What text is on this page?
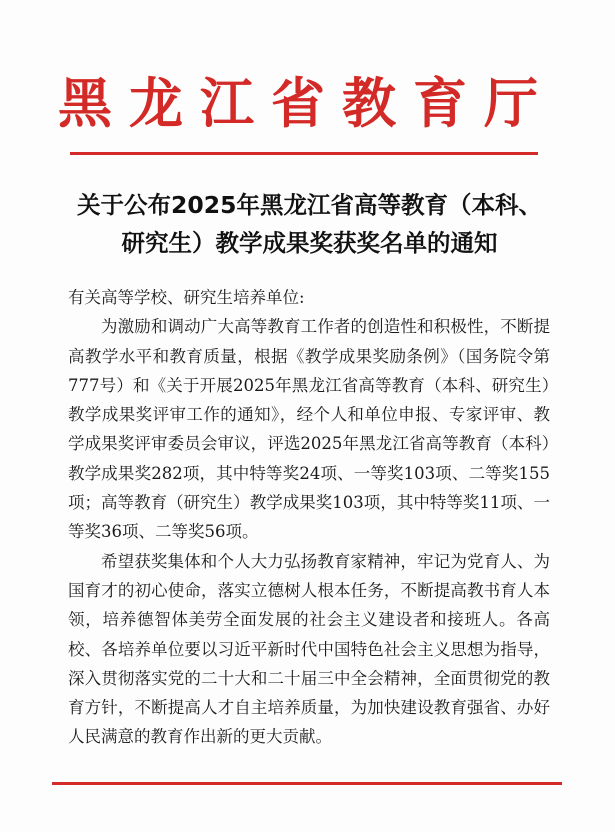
黑龙江省教育厅
关于公布2025年黑龙江省高等教育（本科、
研究生）教学成果奖获奖名单的通知

有关高等学校、研究生培养单位:

为激励和调动广大高等教育工作者的创造性和积极性，不断提高教学水平和教育质量，根据《教学成果奖励条例》（国务院令第777号）和《关于开展2025年黑龙江省高等教育（本科、研究生）教学成果奖评审工作的通知》，经个人和单位申报、专家评审、教学成果奖评审委员会审议，评选2025年黑龙江省高等教育（本科）教学成果奖282项，其中特等奖24项、一等奖103项、二等奖155项；高等教育（研究生）教学成果奖103项，其中特等奖11项、一等奖36项、二等奖56项。

希望获奖集体和个人大力弘扬教育家精神，牢记为党育人、为国育才的初心使命，落实立德树人根本任务，不断提高教书育人本领，培养德智体美劳全面发展的社会主义建设者和接班人。各高校、各培养单位要以习近平新时代中国特色社会主义思想为指导，深入贯彻落实党的二十大和二十届三中全会精神，全面贯彻党的教育方针，不断提高人才自主培养质量，为加快建设教育强省、办好人民满意的教育作出新的更大贡献。
